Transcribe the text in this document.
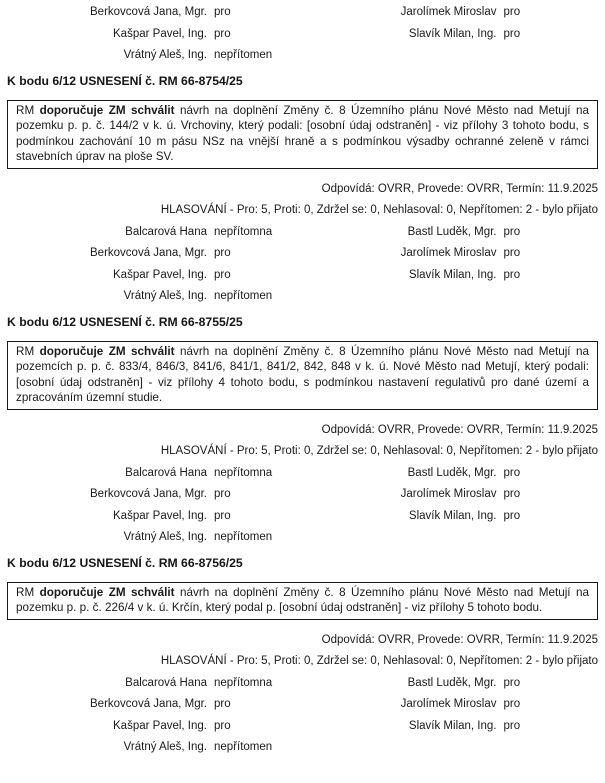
Berkovcová Jana, Mgr. pro
Kašpar Pavel, Ing. pro
Vrátný Aleš, Ing. nepřítomen
Jarolímek Miroslav pro
Slavík Milan, Ing. pro
K bodu 6/12 USNESENÍ č. RM 66-8754/25

RM doporučuje ZM schválit návrh na doplnění Změny č. 8 Územního plánu Nové Město nad Metují na pozemku p. p. č. 144/2 v k. ú. Vrchoviny, který podali: [osobní údaj odstraněn] - viz přílohy 3 tohoto bodu, s podmínkou zachování 10 m pásu NSz na vnější hraně a s podmínkou výsadby ochranné zeleně v rámci stavebních úprav na ploše SV.

Odpovídá: OVRR, Provede: OVRR, Termín: 11.9.2025
HLASOVÁNÍ - Pro: 5, Proti: 0, Zdržel se: 0, Nehlasoval: 0, Nepřítomen: 2 - bylo přijato
Balcarová Hana nepřítomna
Berkovcová Jana, Mgr. pro
Kašpar Pavel, Ing. pro
Vrátný Aleš, Ing. nepřítomen
Bastl Luděk, Mgr. pro
Jarolímek Miroslav pro
Slavík Milan, Ing. pro
K bodu 6/12 USNESENÍ č. RM 66-8755/25

RM doporučuje ZM schválit návrh na doplnění Změny č. 8 Územního plánu Nové Město nad Metují na pozemcích p. p. č. 833/4, 846/3, 841/6, 841/1, 841/2, 842, 848 v k. ú. Nové Město nad Metují, který podali: [osobní údaj odstraněn] - viz přílohy 4 tohoto bodu, s podmínkou nastavení regulativů pro dané území a zpracováním územní studie.

Odpovídá: OVRR, Provede: OVRR, Termín: 11.9.2025
HLASOVÁNÍ - Pro: 5, Proti: 0, Zdržel se: 0, Nehlasoval: 0, Nepřítomen: 2 - bylo přijato
Balcarová Hana nepřítomna
Berkovcová Jana, Mgr. pro
Kašpar Pavel, Ing. pro
Vrátný Aleš, Ing. nepřítomen
Bastl Luděk, Mgr. pro
Jarolímek Miroslav pro
Slavík Milan, Ing. pro
K bodu 6/12 USNESENÍ č. RM 66-8756/25

RM doporučuje ZM schválit návrh na doplnění Změny č. 8 Územního plánu Nové Město nad Metují na pozemku p. p. č. 226/4 v k. ú. Krčín, který podal p. [osobní údaj odstraněn] - viz přílohy 5 tohoto bodu.

Odpovídá: OVRR, Provede: OVRR, Termín: 11.9.2025
HLASOVÁNÍ - Pro: 5, Proti: 0, Zdržel se: 0, Nehlasoval: 0, Nepřítomen: 2 - bylo přijato
Balcarová Hana nepřítomna
Berkovcová Jana, Mgr. pro
Kašpar Pavel, Ing. pro
Vrátný Aleš, Ing. nepřítomen
Bastl Luděk, Mgr. pro
Jarolímek Miroslav pro
Slavík Milan, Ing. pro
